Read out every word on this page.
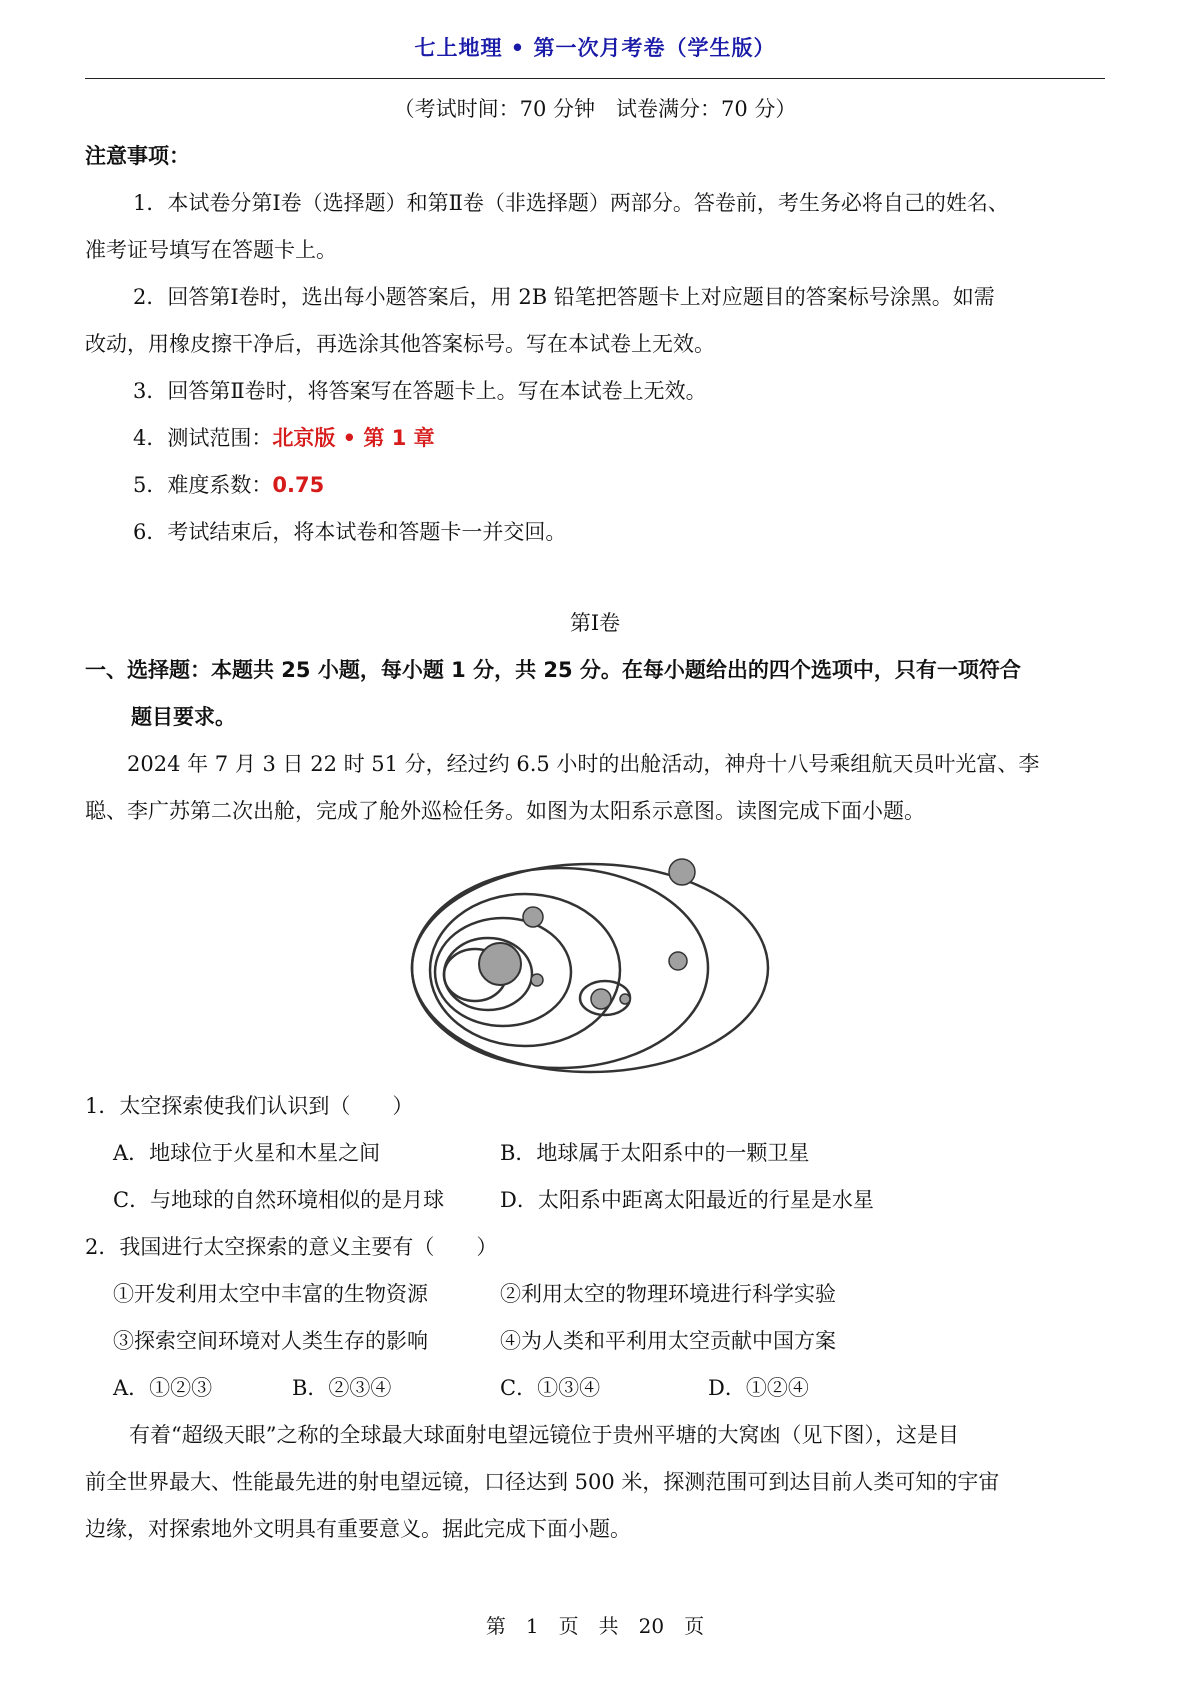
七上地理 • 第一次月考卷（学生版）
（考试时间：70 分钟　试卷满分：70 分）
注意事项：
1．本试卷分第Ⅰ卷（选择题）和第Ⅱ卷（非选择题）两部分。答卷前，考生务必将自己的姓名、
准考证号填写在答题卡上。
2．回答第Ⅰ卷时，选出每小题答案后，用 2B 铅笔把答题卡上对应题目的答案标号涂黑。如需
改动，用橡皮擦干净后，再选涂其他答案标号。写在本试卷上无效。
3．回答第Ⅱ卷时，将答案写在答题卡上。写在本试卷上无效。
4．测试范围：北京版 • 第 1 章
5．难度系数：0.75
6．考试结束后，将本试卷和答题卡一并交回。
第Ⅰ卷
一、选择题：本题共 25 小题，每小题 1 分，共 25 分。在每小题给出的四个选项中，只有一项符合
题目要求。
2024 年 7 月 3 日 22 时 51 分，经过约 6.5 小时的出舱活动，神舟十八号乘组航天员叶光富、李
聪、李广苏第二次出舱，完成了舱外巡检任务。如图为太阳系示意图。读图完成下面小题。
1．太空探索使我们认识到（　　）
A．地球位于火星和木星之间	B．地球属于太阳系中的一颗卫星
C．与地球的自然环境相似的是月球	D．太阳系中距离太阳最近的行星是水星
2．我国进行太空探索的意义主要有（　　）
①开发利用太空中丰富的生物资源	②利用太空的物理环境进行科学实验
③探索空间环境对人类生存的影响	④为人类和平利用太空贡献中国方案
A．①②③	B．②③④	C．①③④	D．①②④
有着“超级天眼”之称的全球最大球面射电望远镜位于贵州平塘的大窝凼（见下图），这是目
前全世界最大、性能最先进的射电望远镜，口径达到 500 米，探测范围可到达目前人类可知的宇宙
边缘，对探索地外文明具有重要意义。据此完成下面小题。
第　1　页　共　20　页
